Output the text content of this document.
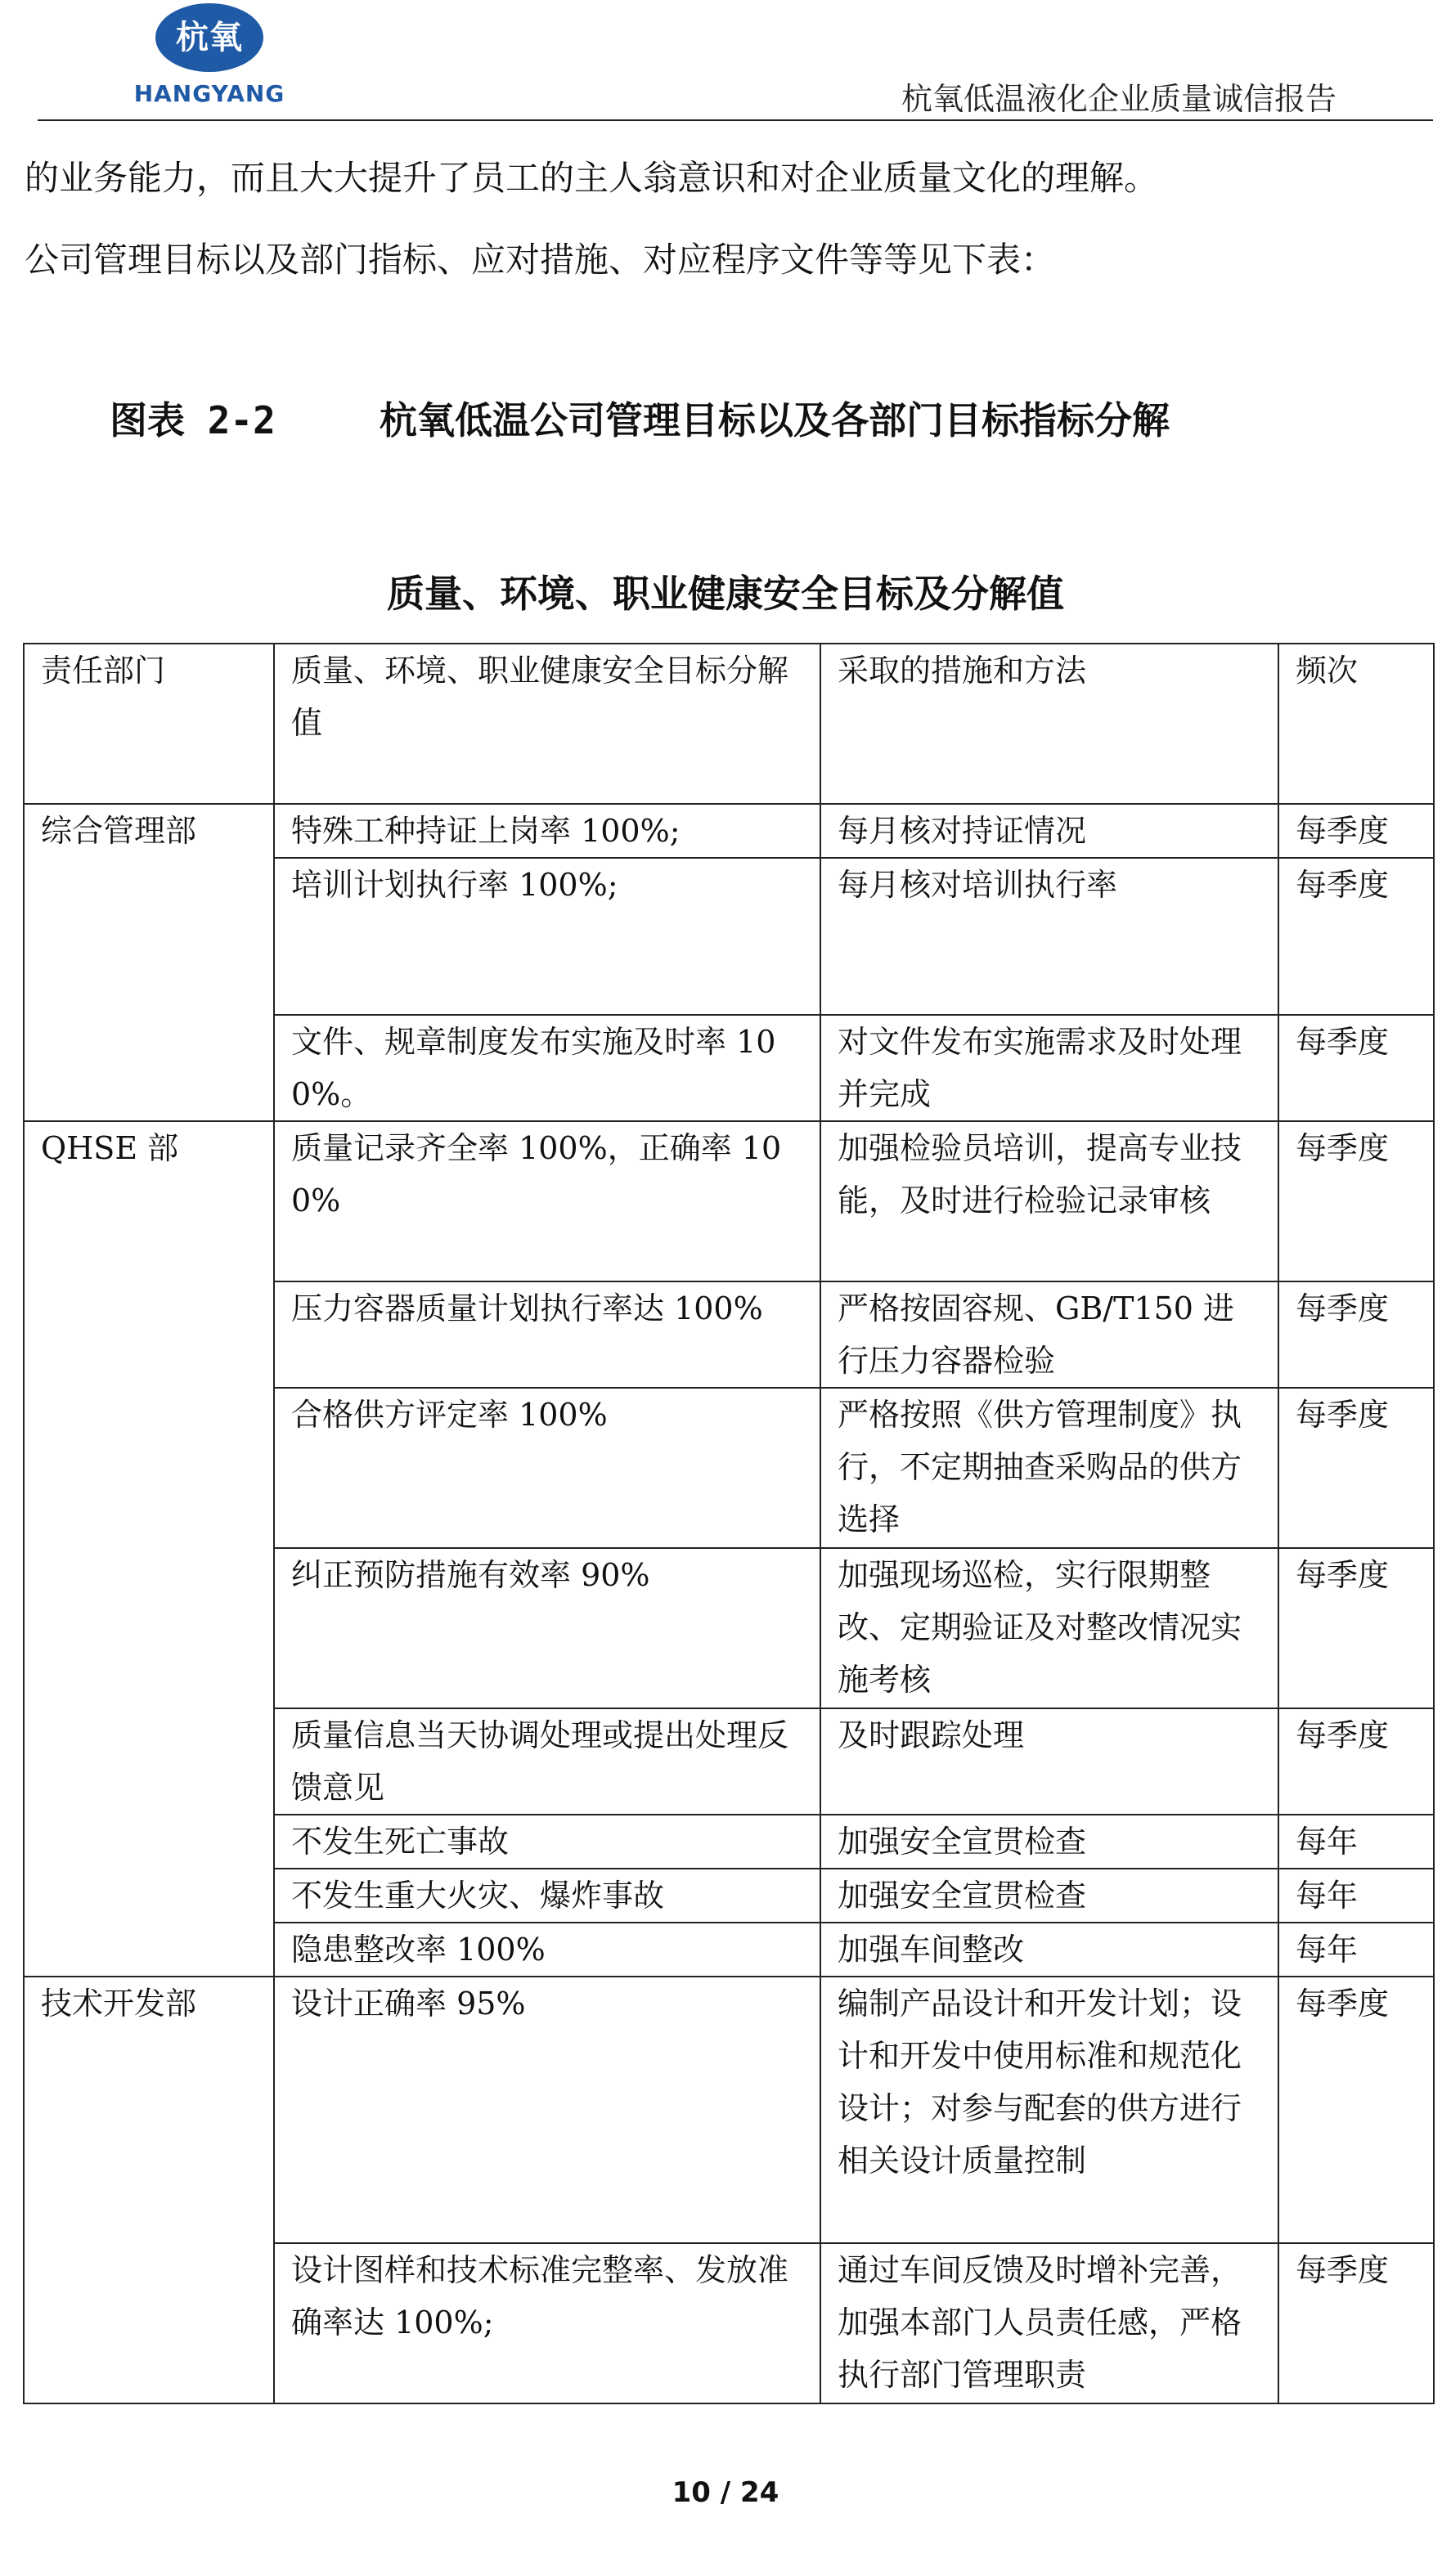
杭氧
HANGYANG	杭氧低温液化企业质量诚信报告
的业务能力，而且大大提升了员工的主人翁意识和对企业质量文化的理解。
公司管理目标以及部门指标、应对措施、对应程序文件等等见下表：
图表 2-2	杭氧低温公司管理目标以及各部门目标指标分解
质量、环境、职业健康安全目标及分解值
责任部门	质量、环境、职业健康安全目标分解值	采取的措施和方法	频次
综合管理部	特殊工种持证上岗率 100%;	每月核对持证情况	每季度
	培训计划执行率 100%;	每月核对培训执行率	每季度
	文件、规章制度发布实施及时率 100%。	对文件发布实施需求及时处理并完成	每季度
QHSE 部	质量记录齐全率 100%，正确率 100%	加强检验员培训，提高专业技能，及时进行检验记录审核	每季度
	压力容器质量计划执行率达 100%	严格按固容规、GB/T150 进行压力容器检验	每季度
	合格供方评定率 100%	严格按照《供方管理制度》执行，不定期抽查采购品的供方选择	每季度
	纠正预防措施有效率 90%	加强现场巡检，实行限期整改、定期验证及对整改情况实施考核	每季度
	质量信息当天协调处理或提出处理反馈意见	及时跟踪处理	每季度
	不发生死亡事故	加强安全宣贯检查	每年
	不发生重大火灾、爆炸事故	加强安全宣贯检查	每年
	隐患整改率 100%	加强车间整改	每年
技术开发部	设计正确率 95%	编制产品设计和开发计划；设计和开发中使用标准和规范化设计；对参与配套的供方进行相关设计质量控制	每季度
	设计图样和技术标准完整率、发放准确率达 100%;	通过车间反馈及时增补完善，加强本部门人员责任感，严格执行部门管理职责	每季度
10 / 24
